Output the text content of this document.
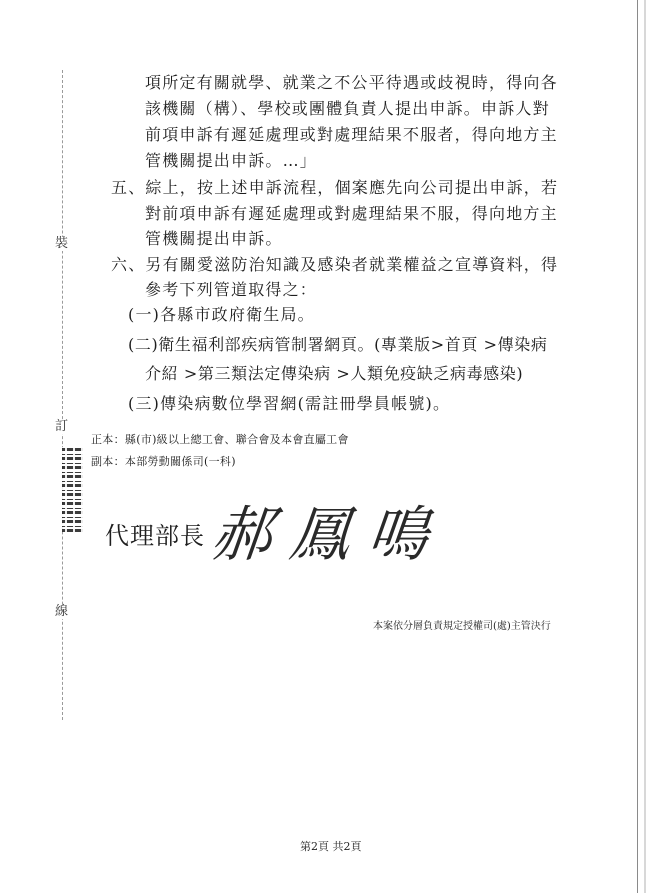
裝
訂
線
項所定有關就學、就業之不公平待遇或歧視時，得向各
該機關（構）、學校或團體負責人提出申訴。申訴人對
前項申訴有遲延處理或對處理結果不服者，得向地方主
管機關提出申訴。…」
五、綜上，按上述申訴流程，個案應先向公司提出申訴，若
對前項申訴有遲延處理或對處理結果不服，得向地方主
管機關提出申訴。
六、另有關愛滋防治知識及感染者就業權益之宣導資料，得
參考下列管道取得之：
(一)各縣市政府衛生局。
(二)衛生福利部疾病管制署網頁。(專業版>首頁 >傳染病
介紹 >第三類法定傳染病 >人類免疫缺乏病毒感染)
(三)傳染病數位學習網(需註冊學員帳號)。
正本：縣(市)級以上總工會、聯合會及本會直屬工會
副本：本部勞動關係司(一科)
代理部長 郝鳳鳴
本案依分層負責規定授權司(處)主管決行
第2頁 共2頁
